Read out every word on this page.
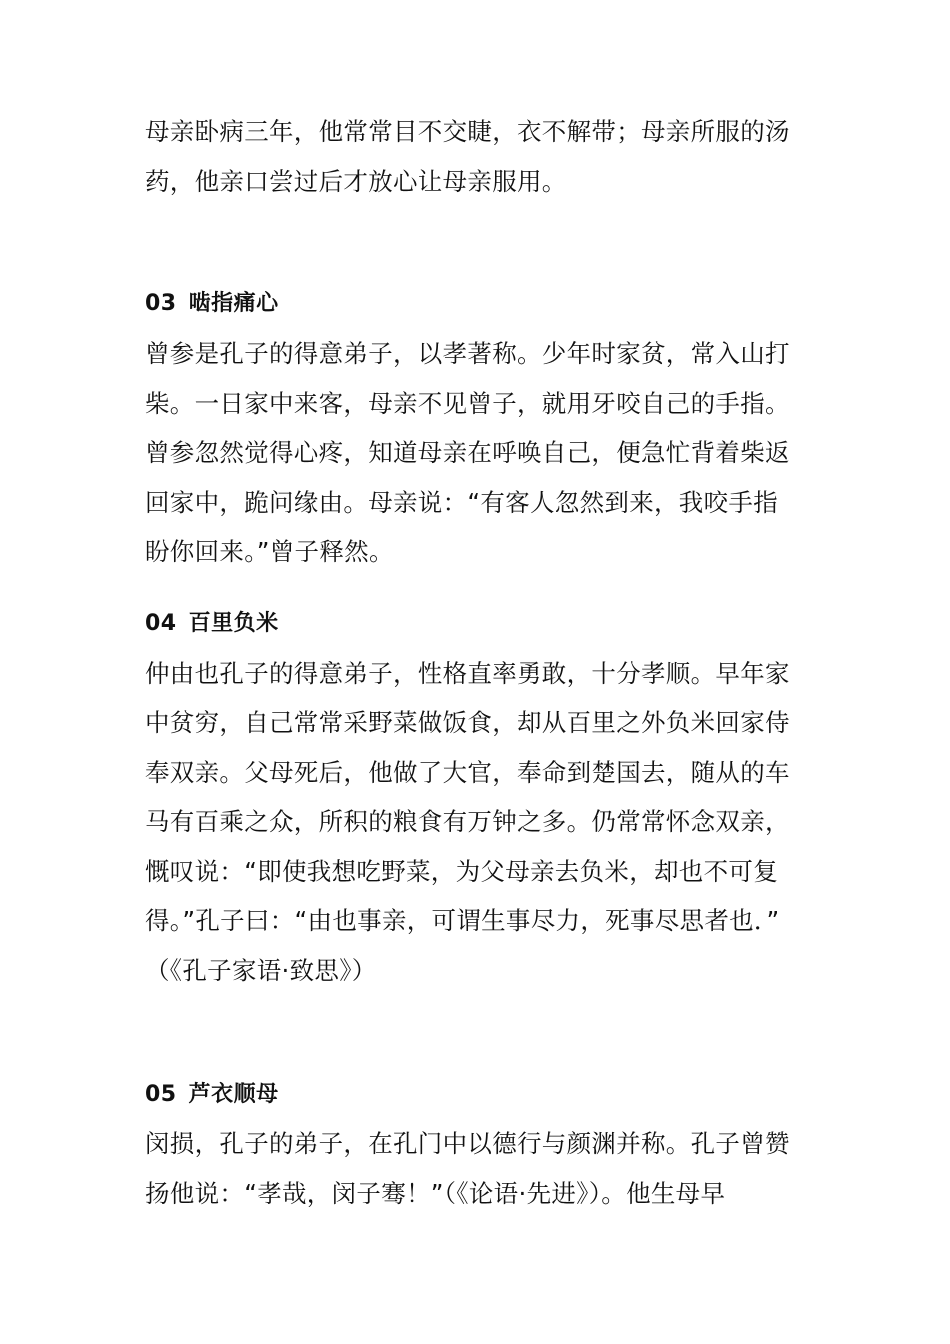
母亲卧病三年，他常常目不交睫，衣不解带；母亲所服的汤
药，他亲口尝过后才放心让母亲服用。
03 啮指痛心
曾参是孔子的得意弟子，以孝著称。少年时家贫，常入山打
柴。一日家中来客，母亲不见曾子，就用牙咬自己的手指。
曾参忽然觉得心疼，知道母亲在呼唤自己，便急忙背着柴返
回家中，跪问缘由。母亲说：“有客人忽然到来，我咬手指
盼你回来。”曾子释然。
04 百里负米
仲由也孔子的得意弟子，性格直率勇敢，十分孝顺。早年家
中贫穷，自己常常采野菜做饭食，却从百里之外负米回家侍
奉双亲。父母死后，他做了大官，奉命到楚国去，随从的车
马有百乘之众，所积的粮食有万钟之多。仍常常怀念双亲，
慨叹说：“即使我想吃野菜，为父母亲去负米，却也不可复
得。”孔子曰：“由也事亲，可谓生事尽力，死事尽思者也．”
（《孔子家语·致思》）
05 芦衣顺母
闵损，孔子的弟子，在孔门中以德行与颜渊并称。孔子曾赞
扬他说：“孝哉，闵子骞！”（《论语·先进》）。他生母早
